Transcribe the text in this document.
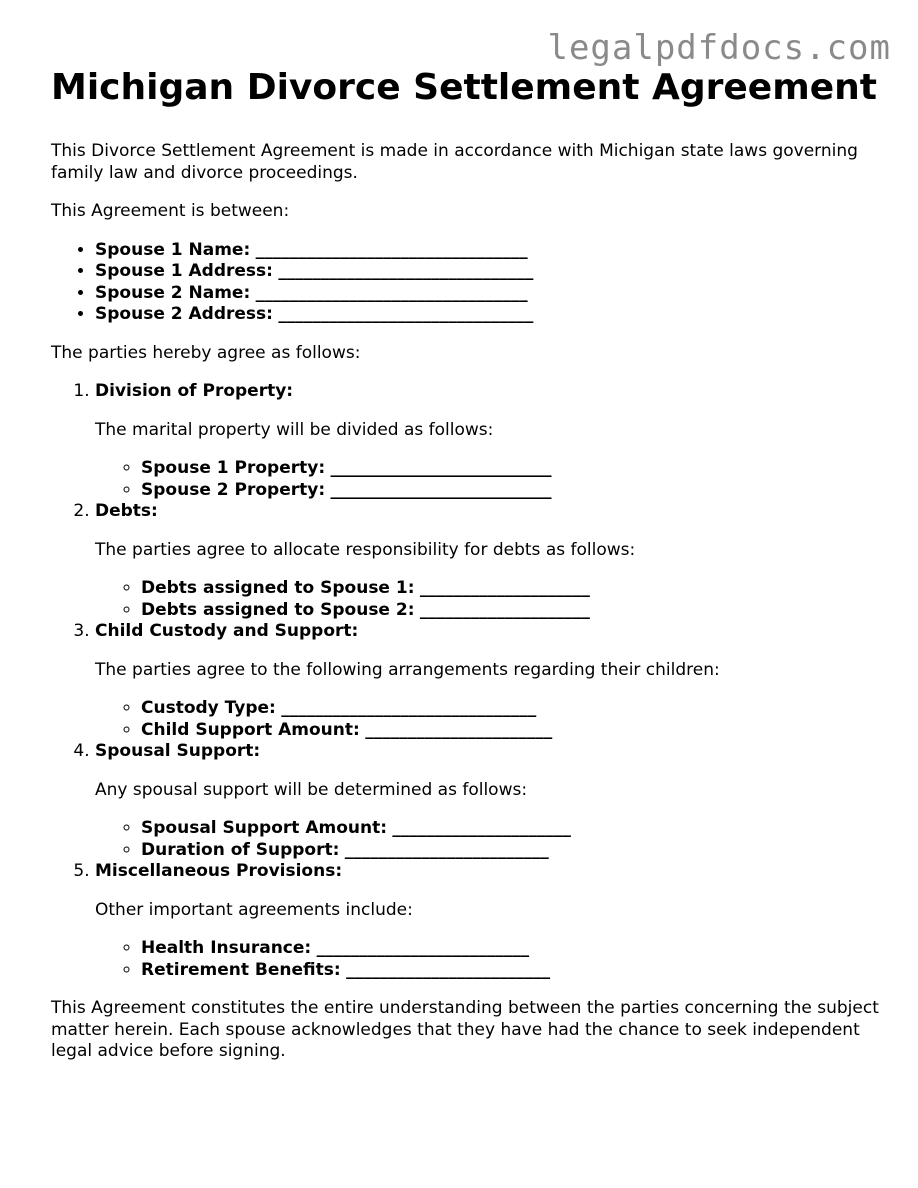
legalpdfdocs.com
Michigan Divorce Settlement Agreement

This Divorce Settlement Agreement is made in accordance with Michigan state laws governing family law and divorce proceedings.

This Agreement is between:

• Spouse 1 Name: ________________________________
• Spouse 1 Address: ______________________________
• Spouse 2 Name: ________________________________
• Spouse 2 Address: ______________________________

The parties hereby agree as follows:

1. Division of Property:

The marital property will be divided as follows:

◦ Spouse 1 Property: __________________________
◦ Spouse 2 Property: __________________________
2. Debts:

The parties agree to allocate responsibility for debts as follows:

◦ Debts assigned to Spouse 1: ____________________
◦ Debts assigned to Spouse 2: ____________________
3. Child Custody and Support:

The parties agree to the following arrangements regarding their children:

◦ Custody Type: ______________________________
◦ Child Support Amount: ______________________
4. Spousal Support:

Any spousal support will be determined as follows:

◦ Spousal Support Amount: _____________________
◦ Duration of Support: ________________________
5. Miscellaneous Provisions:

Other important agreements include:

◦ Health Insurance: _________________________
◦ Retirement Benefits: ________________________

This Agreement constitutes the entire understanding between the parties concerning the subject matter herein. Each spouse acknowledges that they have had the chance to seek independent legal advice before signing.
